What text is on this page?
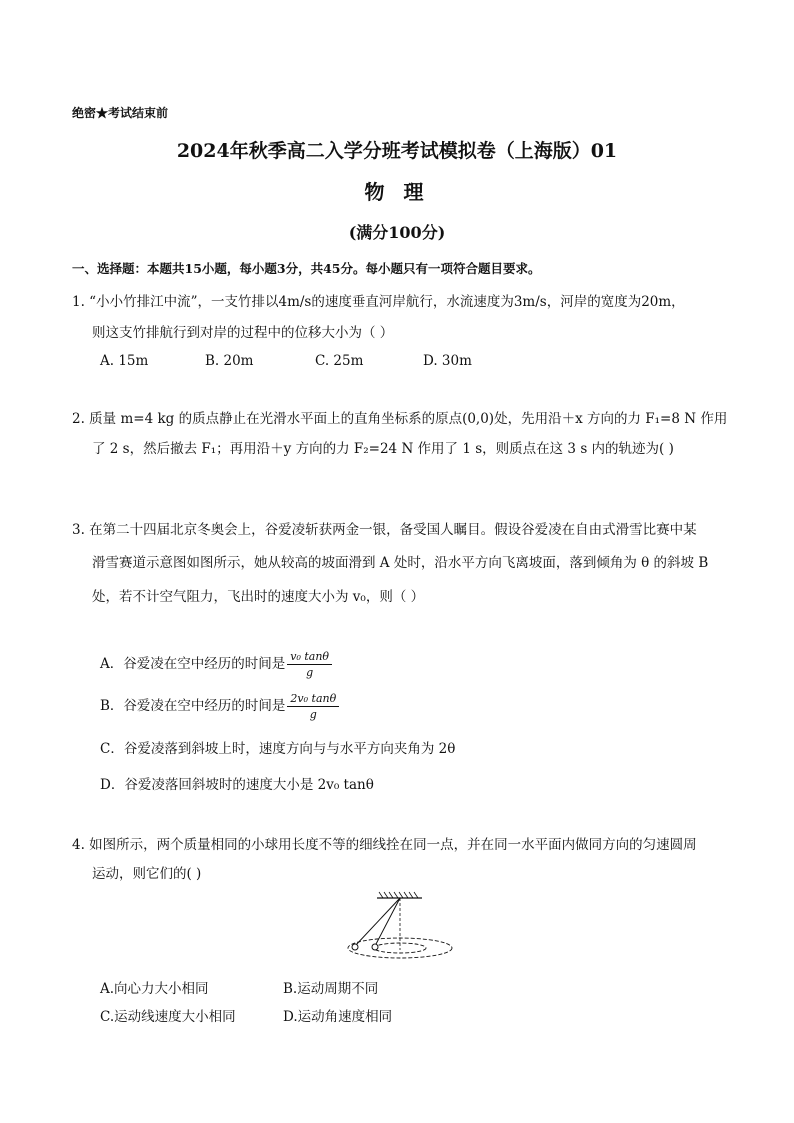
绝密★考试结束前
2024年秋季高二入学分班考试模拟卷（上海版）01
物 理
(满分100分)
一、选择题：本题共15小题，每小题3分，共45分。每小题只有一项符合题目要求。
1. “小小竹排江中流”，一支竹排以4m/s的速度垂直河岸航行，水流速度为3m/s，河岸的宽度为20m，
则这支竹排航行到对岸的过程中的位移大小为（ ）
A. 15m	B. 20m	C. 25m	D. 30m
2. 质量 m=4 kg 的质点静止在光滑水平面上的直角坐标系的原点(0,0)处，先用沿＋x 方向的力 F₁=8 N 作用
了 2 s，然后撤去 F₁；再用沿＋y 方向的力 F₂=24 N 作用了 1 s，则质点在这 3 s 内的轨迹为( )
3. 在第二十四届北京冬奥会上，谷爱凌斩获两金一银，备受国人瞩目。假设谷爱凌在自由式滑雪比赛中某
滑雪赛道示意图如图所示，她从较高的坡面滑到 A 处时，沿水平方向飞离坡面，落到倾角为 θ 的斜坡 B
处，若不计空气阻力，飞出时的速度大小为 v₀，则（ ）
A．谷爱凌在空中经历的时间是 $\frac{\text{v₀ tanθ}}{g}$
B．谷爱凌在空中经历的时间是 $\frac{\text{2v₀ tanθ}}{g}$
C．谷爱凌落到斜坡上时，速度方向与与水平方向夹角为 2θ
D．谷爱凌落回斜坡时的速度大小是 2v₀ tanθ
4. 如图所示，两个质量相同的小球用长度不等的细线拴在同一点，并在同一水平面内做同方向的匀速圆周
运动，则它们的( )
A.向心力大小相同	B.运动周期不同
C.运动线速度大小相同	D.运动角速度相同
